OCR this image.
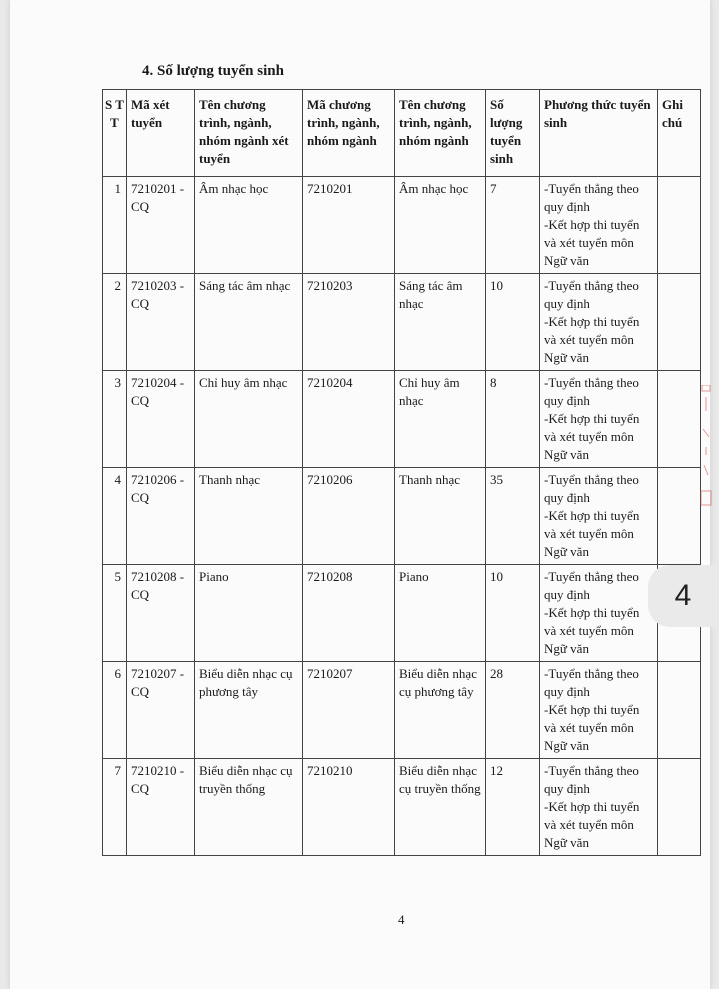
4. Số lượng tuyển sinh
S T T	Mã xét tuyển	Tên chương trình, ngành, nhóm ngành xét tuyển	Mã chương trình, ngành, nhóm ngành	Tên chương trình, ngành, nhóm ngành	Số lượng tuyển sinh	Phương thức tuyển sinh	Ghi chú
1	7210201 -CQ	Âm nhạc học	7210201	Âm nhạc học	7	-Tuyển thẳng theo quy định
-Kết hợp thi tuyển và xét tuyển môn Ngữ văn	

2	7210203 -CQ	Sáng tác âm nhạc	7210203	Sáng tác âm nhạc	10	-Tuyển thẳng theo quy định
-Kết hợp thi tuyển và xét tuyển môn Ngữ văn	

3	7210204 -CQ	Chỉ huy âm nhạc	7210204	Chỉ huy âm nhạc	8	-Tuyển thẳng theo quy định
-Kết hợp thi tuyển và xét tuyển môn Ngữ văn	

4	7210206 -CQ	Thanh nhạc	7210206	Thanh nhạc	35	-Tuyển thẳng theo quy định
-Kết hợp thi tuyển và xét tuyển môn Ngữ văn	

5	7210208 -CQ	Piano	7210208	Piano	10	-Tuyển thẳng theo quy định
-Kết hợp thi tuyển và xét tuyển môn Ngữ văn	

6	7210207 -CQ	Biểu diễn nhạc cụ phương tây	7210207	Biểu diễn nhạc cụ phương tây	28	-Tuyển thẳng theo quy định
-Kết hợp thi tuyển và xét tuyển môn Ngữ văn	

7	7210210 -CQ	Biểu diễn nhạc cụ truyền thống	7210210	Biểu diễn nhạc cụ truyền thống	12	-Tuyển thẳng theo quy định
-Kết hợp thi tuyển và xét tuyển môn Ngữ văn	

4
4
